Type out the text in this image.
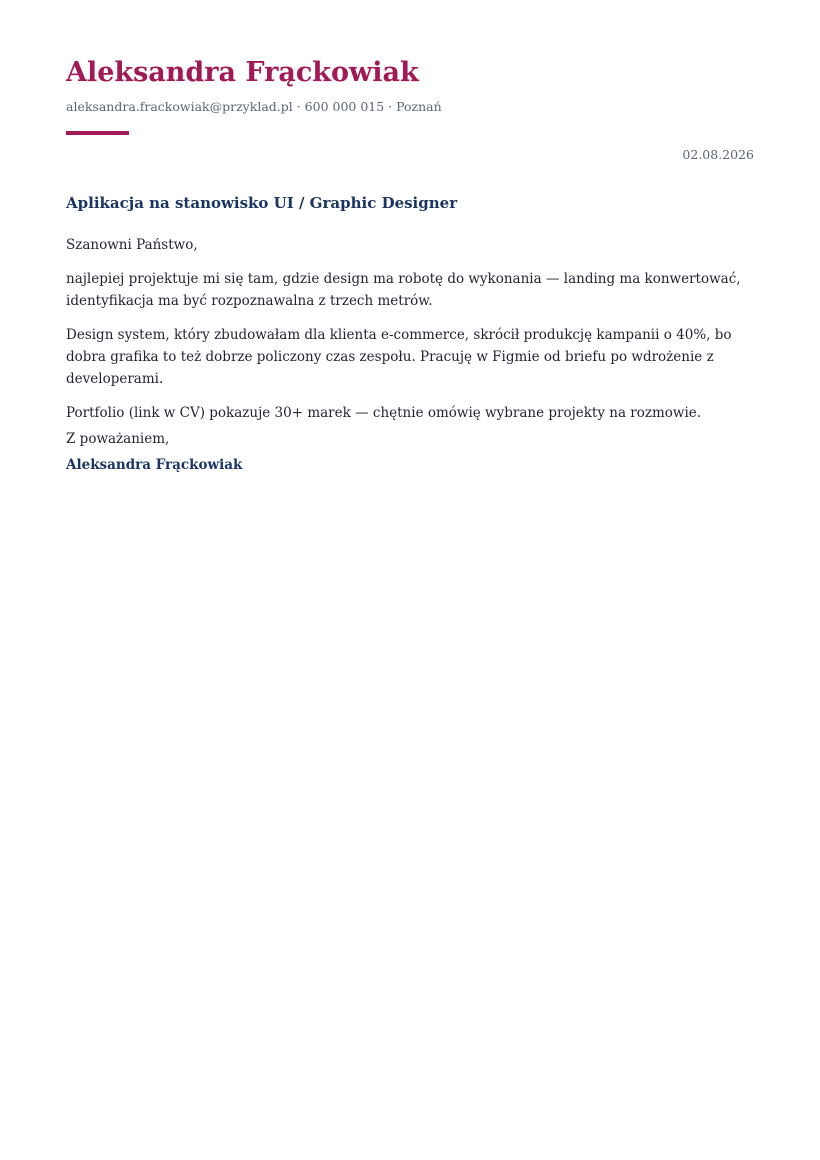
Aleksandra Frąckowiak
aleksandra.frackowiak@przyklad.pl · 600 000 015 · Poznań
02.08.2026
Aplikacja na stanowisko UI / Graphic Designer

Szanowni Państwo,

najlepiej projektuje mi się tam, gdzie design ma robotę do wykonania — landing ma konwertować, identyfikacja ma być rozpoznawalna z trzech metrów.

Design system, który zbudowałam dla klienta e-commerce, skrócił produkcję kampanii o 40%, bo dobra grafika to też dobrze policzony czas zespołu. Pracuję w Figmie od briefu po wdrożenie z developerami.

Portfolio (link w CV) pokazuje 30+ marek — chętnie omówię wybrane projekty na rozmowie.

Z poważaniem,
Aleksandra Frąckowiak
